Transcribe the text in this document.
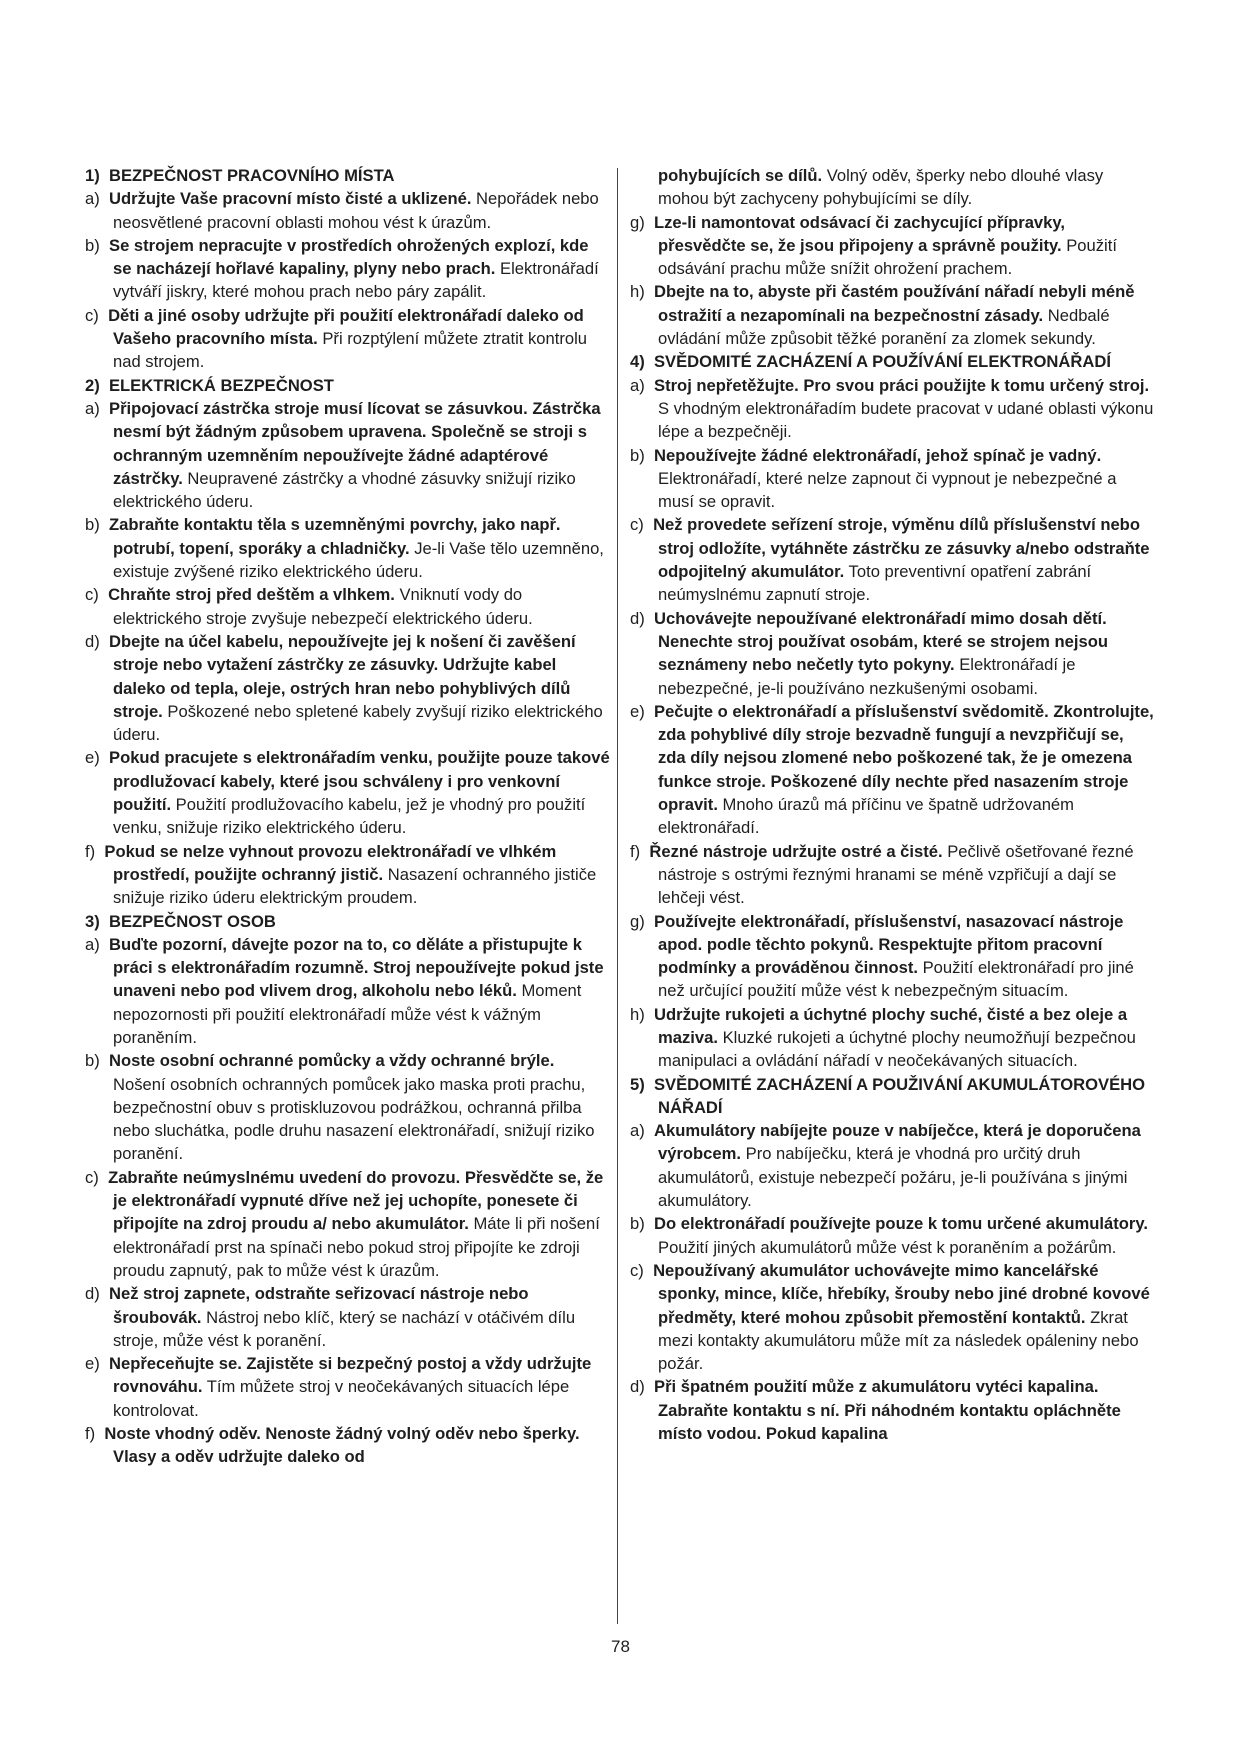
1)  BEZPEČNOST PRACOVNÍHO MÍSTA

a) Udržujte Vaše pracovní místo čisté a uklizené. Nepořádek nebo neosvětlené pracovní oblasti mohou vést k úrazům.

b) Se strojem nepracujte v prostředích ohrožených explozí, kde se nacházejí hořlavé kapaliny, plyny nebo prach. Elektronářadí vytváří jiskry, které mohou prach nebo páry zapálit.

c) Děti a jiné osoby udržujte při použití elektronářadí daleko od Vašeho pracovního místa. Při rozptýlení můžete ztratit kontrolu nad strojem.

2)  ELEKTRICKÁ BEZPEČNOST

a) Připojovací zástrčka stroje musí lícovat se zásuvkou. Zástrčka nesmí být žádným způsobem upravena. Společně se stroji s ochranným uzemněním nepoužívejte žádné adaptérové zástrčky. Neupravené zástrčky a vhodné zásuvky snižují riziko elektrického úderu.

b) Zabraňte kontaktu těla s uzemněnými povrchy, jako např. potrubí, topení, sporáky a chladničky. Je-li Vaše tělo uzemněno, existuje zvýšené riziko elektrického úderu.

c) Chraňte stroj před deštěm a vlhkem. Vniknutí vody do elektrického stroje zvyšuje nebezpečí elektrického úderu.

d) Dbejte na účel kabelu, nepoužívejte jej k nošení či zavěšení stroje nebo vytažení zástrčky ze zásuvky. Udržujte kabel daleko od tepla, oleje, ostrých hran nebo pohyblivých dílů stroje. Poškozené nebo spletené kabely zvyšují riziko elektrického úderu.

e) Pokud pracujete s elektronářadím venku, použijte pouze takové prodlužovací kabely, které jsou schváleny i pro venkovní použití. Použití prodlužovacího kabelu, jež je vhodný pro použití venku, snižuje riziko elektrického úderu.

f) Pokud se nelze vyhnout provozu elektronářadí ve vlhkém prostředí, použijte ochranný jistič. Nasazení ochranného jističe snižuje riziko úderu elektrickým proudem.

3)  BEZPEČNOST OSOB

a) Buďte pozorní, dávejte pozor na to, co děláte a přistupujte k práci s elektronářadím rozumně. Stroj nepoužívejte pokud jste unaveni nebo pod vlivem drog, alkoholu nebo léků. Moment nepozornosti při použití elektronářadí může vést k vážným poraněním.

b) Noste osobní ochranné pomůcky a vždy ochranné brýle. Nošení osobních ochranných pomůcek jako maska proti prachu, bezpečnostní obuv s protiskluzovou podrážkou, ochranná přilba nebo sluchátka, podle druhu nasazení elektronářadí, snižují riziko poranění.

c) Zabraňte neúmyslnému uvedení do provozu. Přesvědčte se, že je elektronářadí vypnuté dříve než jej uchopíte, ponesete či připojíte na zdroj proudu a/ nebo akumulátor. Máte li při nošení elektronářadí prst na spínači nebo pokud stroj připojíte ke zdroji proudu zapnutý, pak to může vést k úrazům.

d) Než stroj zapnete, odstraňte seřizovací nástroje nebo šroubovák. Nástroj nebo klíč, který se nachází v otáčivém dílu stroje, může vést k poranění.

e) Nepřeceňujte se. Zajistěte si bezpečný postoj a vždy udržujte rovnováhu. Tím můžete stroj v neočekávaných situacích lépe kontrolovat.

f) Noste vhodný oděv. Nenoste žádný volný oděv nebo šperky. Vlasy a oděv udržujte daleko od

pohybujících se dílů. Volný oděv, šperky nebo dlouhé vlasy mohou být zachyceny pohybujícími se díly.

g) Lze-li namontovat odsávací či zachycující přípravky, přesvědčte se, že jsou připojeny a správně použity. Použití odsávání prachu může snížit ohrožení prachem.

h) Dbejte na to, abyste při častém používání nářadí nebyli méně ostražití a nezapomínali na bezpečnostní zásady. Nedbalé ovládání může způsobit těžké poranění za zlomek sekundy.

4)  SVĚDOMITÉ ZACHÁZENÍ A POUŽÍVÁNÍ ELEKTRONÁŘADÍ

a) Stroj nepřetěžujte. Pro svou práci použijte k tomu určený stroj. S vhodným elektronářadím budete pracovat v udané oblasti výkonu lépe a bezpečněji.

b) Nepoužívejte žádné elektronářadí, jehož spínač je vadný. Elektronářadí, které nelze zapnout či vypnout je nebezpečné a musí se opravit.

c) Než provedete seřízení stroje, výměnu dílů příslušenství nebo stroj odložíte, vytáhněte zástrčku ze zásuvky a/nebo odstraňte odpojitelný akumulátor. Toto preventivní opatření zabrání neúmyslnému zapnutí stroje.

d) Uchovávejte nepoužívané elektronářadí mimo dosah dětí. Nenechte stroj používat osobám, které se strojem nejsou seznámeny nebo nečetly tyto pokyny. Elektronářadí je nebezpečné, je-li používáno nezkušenými osobami.

e) Pečujte o elektronářadí a příslušenství svědomitě. Zkontrolujte, zda pohyblivé díly stroje bezvadně fungují a nevzpřičují se, zda díly nejsou zlomené nebo poškozené tak, že je omezena funkce stroje. Poškozené díly nechte před nasazením stroje opravit. Mnoho úrazů má příčinu ve špatně udržovaném elektronářadí.

f) Řezné nástroje udržujte ostré a čisté. Pečlivě ošetřované řezné nástroje s ostrými řeznými hranami se méně vzpřičují a dají se lehčeji vést.

g) Používejte elektronářadí, příslušenství, nasazovací nástroje apod. podle těchto pokynů. Respektujte přitom pracovní podmínky a prováděnou činnost. Použití elektronářadí pro jiné než určující použití může vést k nebezpečným situacím.

h) Udržujte rukojeti a úchytné plochy suché, čisté a bez oleje a maziva. Kluzké rukojeti a úchytné plochy neumožňují bezpečnou manipulaci a ovládání nářadí v neočekávaných situacích.

5)  SVĚDOMITÉ ZACHÁZENÍ A POUŽIVÁNÍ AKUMULÁTOROVÉHO NÁŘADÍ

a) Akumulátory nabíjejte pouze v nabíječce, která je doporučena výrobcem. Pro nabíječku, která je vhodná pro určitý druh akumulátorů, existuje nebezpečí požáru, je-li používána s jinými akumulátory.

b) Do elektronářadí používejte pouze k tomu určené akumulátory. Použití jiných akumulátorů může vést k poraněním a požárům.

c) Nepoužívaný akumulátor uchovávejte mimo kancelářské sponky, mince, klíče, hřebíky, šrouby nebo jiné drobné kovové předměty, které mohou způsobit přemostění kontaktů. Zkrat mezi kontakty akumulátoru může mít za následek opáleniny nebo požár.

d) Při špatném použití může z akumulátoru vytéci kapalina. Zabraňte kontaktu s ní. Při náhodném kontaktu opláchněte místo vodou. Pokud kapalina

78
